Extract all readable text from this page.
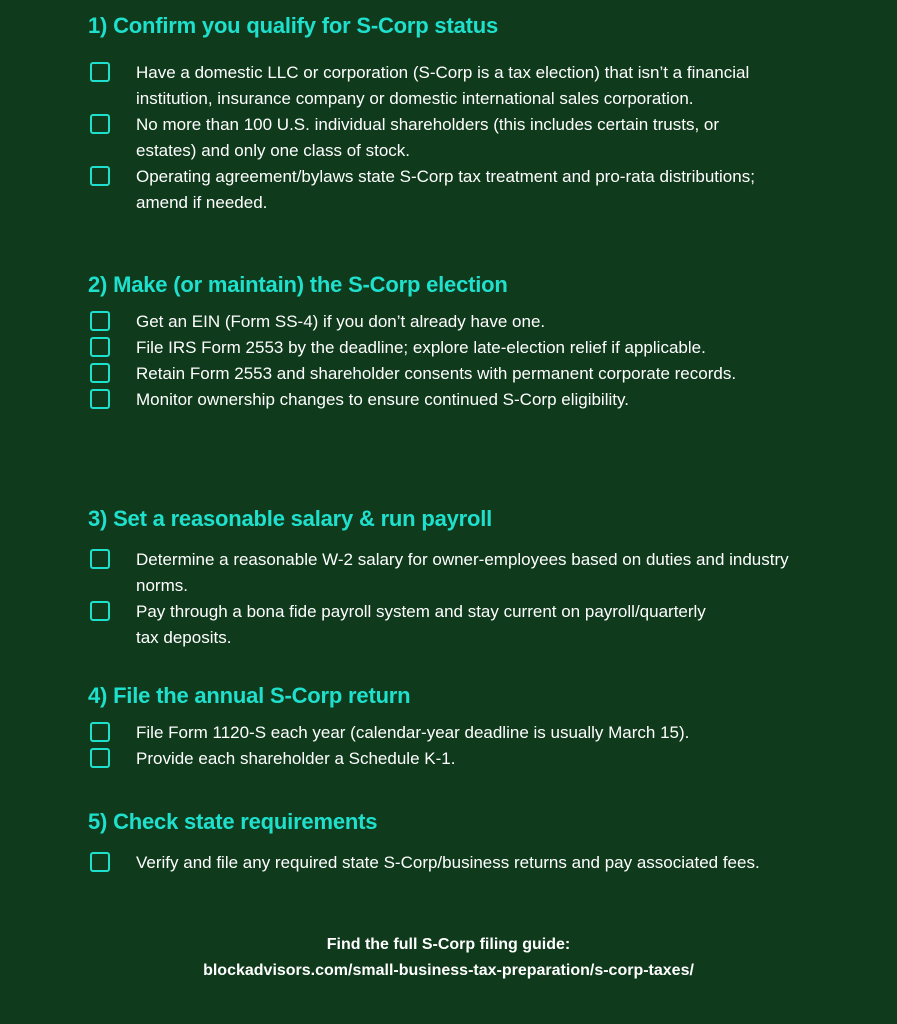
1) Confirm you qualify for S-Corp status
Have a domestic LLC or corporation (S-Corp is a tax election) that isn’t a financial institution, insurance company or domestic international sales corporation.
No more than 100 U.S. individual shareholders (this includes certain trusts, or estates) and only one class of stock.
Operating agreement/bylaws state S-Corp tax treatment and pro-rata distributions; amend if needed.
2) Make (or maintain) the S-Corp election
Get an EIN (Form SS-4) if you don’t already have one.
File IRS Form 2553 by the deadline; explore late-election relief if applicable.
Retain Form 2553 and shareholder consents with permanent corporate records.
Monitor ownership changes to ensure continued S-Corp eligibility.
3) Set a reasonable salary & run payroll
Determine a reasonable W-2 salary for owner-employees based on duties and industry norms.
Pay through a bona fide payroll system and stay current on payroll/quarterly tax deposits.
4) File the annual S-Corp return
File Form 1120-S each year (calendar-year deadline is usually March 15).
Provide each shareholder a Schedule K-1.
5) Check state requirements
Verify and file any required state S-Corp/business returns and pay associated fees.
Find the full S-Corp filing guide:
blockadvisors.com/small-business-tax-preparation/s-corp-taxes/
